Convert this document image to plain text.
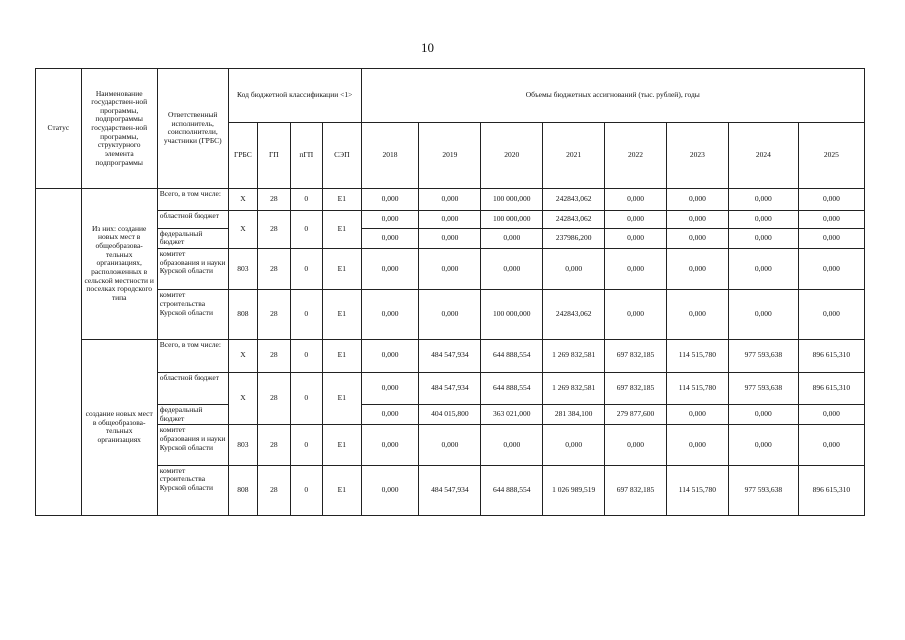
10
Статус	Наименование государствен-ной программы, подпрограммы государствен-ной программы, структурного элемента подпрограммы	Ответственный исполнитель, соисполнители, участники (ГРБС)	Код бюджетной классификации <1>				Объемы бюджетных ассигнований (тыс. рублей), годы							
			ГРБС	ГП	пГП	СЭП	2018	2019	2020	2021	2022	2023	2024	2025
	Из них: создание новых мест в общеобразова-тельных организациях, расположенных в сельской местности и поселках городского типа	Всего, в том числе:	Х	28	0	Е1	0,000	0,000	100 000,000	242843,062	0,000	0,000	0,000	0,000
		областной бюджет	Х	28	0	Е1	0,000	0,000	100 000,000	242843,062	0,000	0,000	0,000	0,000
		федеральный бюджет					0,000	0,000	0,000	237986,200	0,000	0,000	0,000	0,000
		комитет образования и науки Курской области	803	28	0	Е1	0,000	0,000	0,000	0,000	0,000	0,000	0,000	0,000
		комитет строительства Курской области	808	28	0	Е1	0,000	0,000	100 000,000	242843,062	0,000	0,000	0,000	0,000
	создание новых мест в общеобразова-тельных организациях	Всего, в том числе:	Х	28	0	Е1	0,000	484 547,934	644 888,554	1 269 832,581	697 832,185	114 515,780	977 593,638	896 615,310
		областной бюджет	Х	28	0	Е1	0,000	484 547,934	644 888,554	1 269 832,581	697 832,185	114 515,780	977 593,638	896 615,310
		федеральный бюджет					0,000	404 015,800	363 021,000	281 384,100	279 877,600	0,000	0,000	0,000
		комитет образования и науки Курской области	803	28	0	Е1	0,000	0,000	0,000	0,000	0,000	0,000	0,000	0,000
		комитет строительства Курской области	808	28	0	Е1	0,000	484 547,934	644 888,554	1 026 989,519	697 832,185	114 515,780	977 593,638	896 615,310
